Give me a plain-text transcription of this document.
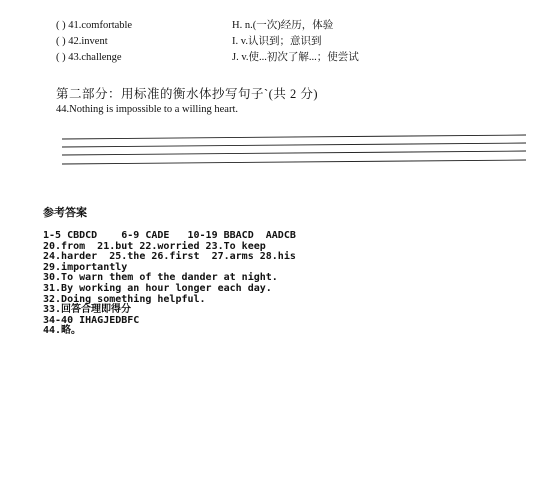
( ) 41.comfortable	H. n.(一次)经历，体验
( ) 42.invent	I. v.认识到；意识到
( ) 43.challenge	J. v.使...初次了解...；使尝试
第二部分：用标准的衡水体抄写句子`(共 2 分)
44.Nothing is impossible to a willing heart.
参考答案
1-5 CBDCD    6-9 CADE   10-19 BBACD  AADCB
20.from  21.but 22.worried 23.To keep
24.harder  25.the 26.first  27.arms 28.his
29.importantly
30.To warn them of the dander at night.
31.By working an hour longer each day.
32.Doing something helpful.
33.回答合理即得分
34-40 IHAGJEDBFC
44.略。
